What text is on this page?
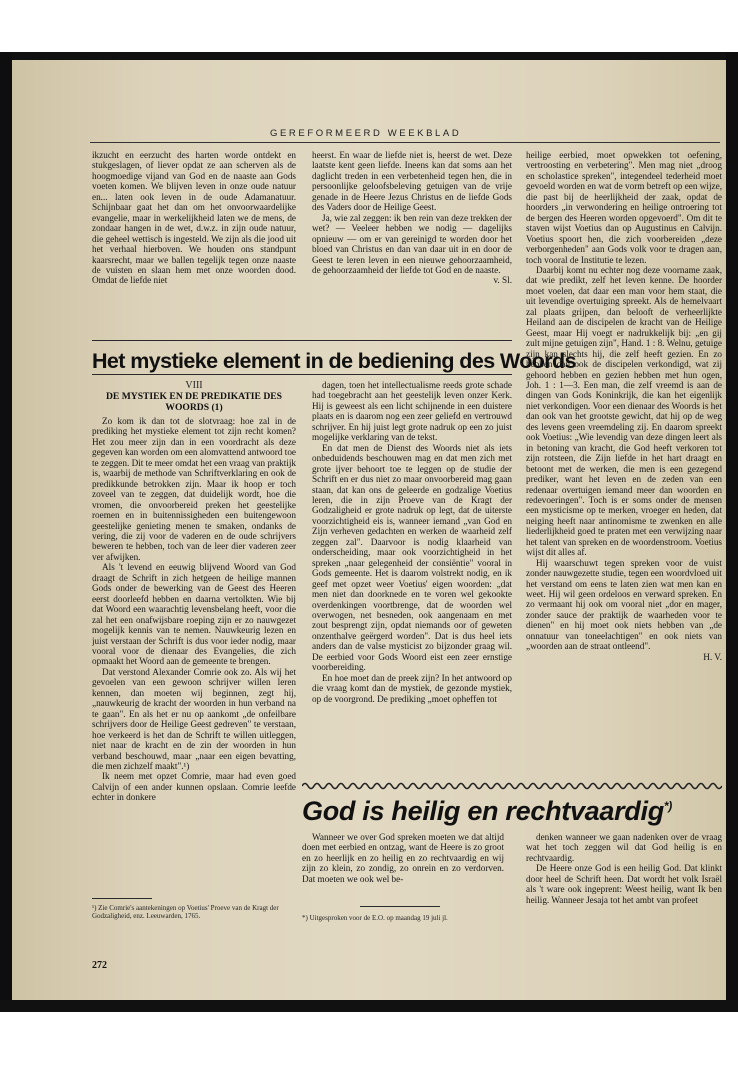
GEREFORMEERD WEEKBLAD

ikzucht en eerzucht des harten worde ontdekt en stukgeslagen, of liever opdat ze aan scherven als de hoogmoedige vijand van God en de naaste aan Gods voeten komen. We blijven leven in onze oude natuur en... laten ook leven in de oude Adamanatuur. Schijnbaar gaat het dan om het onvoorwaardelijke evangelie, maar in werkelijkheid laten we de mens, de zondaar hangen in de wet, d.w.z. in zijn oude natuur, die geheel wettisch is ingesteld. We zijn als die jood uit het verhaal hierboven. We houden ons standpunt kaarsrecht, maar we ballen tegelijk tegen onze naaste de vuisten en slaan hem met onze woorden dood. Omdat de liefde niet

heerst. En waar de liefde niet is, heerst de wet. Deze laatste kent geen liefde. Ineens kan dat soms aan het daglicht treden in een verbetenheid tegen hen, die in persoonlijke geloofsbeleving getuigen van de vrije genade in de Heere Jezus Christus en de liefde Gods des Vaders door de Heilige Geest.

Ja, wie zal zeggen: ik ben rein van deze trekken der wet? — Veeleer hebben we nodig — dagelijks opnieuw — om er van gereinigd te worden door het bloed van Christus en dan van daar uit in en door de Geest te leren leven in een nieuwe gehoorzaamheid, de gehoorzaamheid der liefde tot God en de naaste.

v. Sl.

heilige eerbied, moet opwekken tot oefening, vertroosting en verbetering". Men mag niet „droog en scholastice spreken", integendeel tederheid moet gevoeld worden en wat de vorm betreft op een wijze, die past bij de heerlijkheid der zaak, opdat de hoorders „in verwondering en heilige ontroering tot de bergen des Heeren worden opgevoerd". Om dit te staven wijst Voetius dan op Augustinus en Calvijn. Voetius spoort hen, die zich voorbereiden „deze verborgenheden" aan Gods volk voor te dragen aan, toch vooral de Institutie te lezen.

Daarbij komt nu echter nog deze voorname zaak, dat wie predikt, zelf het leven kenne. De hoorder moet voelen, dat daar een man voor hem staat, die uit levendige overtuiging spreekt. Als de hemelvaart zal plaats grijpen, dan belooft de verheerlijkte Heiland aan de discipelen de kracht van de Heilige Geest, maar Hij voegt er nadrukkelijk bij: „en gij zult mijne getuigen zijn", Hand. 1 : 8. Welnu, getuige zijn kan slechts hij, die zelf heeft gezien. En zo hebben dan ook de discipelen verkondigd, wat zij gehoord hebben en gezien hebben met hun ogen, Joh. 1 : 1—3. Een man, die zelf vreemd is aan de dingen van Gods Koninkrijk, die kan het eigenlijk niet verkondigen. Voor een dienaar des Woords is het dan ook van het grootste gewicht, dat hij op de weg des levens geen vreemdeling zij. En daarom spreekt ook Voetius: „Wie levendig van deze dingen leert als in betoning van kracht, die God heeft verkoren tot zijn rotsteen, die Zijn liefde in het hart draagt en betoont met de werken, die men is een gezegend prediker, want het leven en de zeden van een redenaar overtuigen iemand meer dan woorden en redevoeringen". Toch is er soms onder de mensen een mysticisme op te merken, vroeger en heden, dat neiging heeft naar antinomisme te zwenken en alle liederlijkheid goed te praten met een verwijzing naar het talent van spreken en de woordenstroom. Voetius wijst dit alles af.

Hij waarschuwt tegen spreken voor de vuist zonder nauwgezette studie, tegen een woordvloed uit het verstand om eens te laten zien wat men kan en weet. Hij wil geen ordeloos en verward spreken. En zo vermaant hij ook om vooral niet „dor en mager, zonder sauce der praktijk de waarheden voor te dienen" en hij moet ook niets hebben van „de onnatuur van toneelachtigen" en ook niets van „woorden aan de straat ontleend".

H. V.

Het mystieke element in de bediening des Woords
VIII
DE MYSTIEK EN DE PREDIKATIE DES WOORDS (1)

Zo kom ik dan tot de slotvraag: hoe zal in de prediking het mystieke element tot zijn recht komen? Het zou meer zijn dan in een voordracht als deze gegeven kan worden om een alomvattend antwoord toe te zeggen. Dit te meer omdat het een vraag van praktijk is, waarbij de methode van Schriftverklaring en ook de predikkunde betrokken zijn. Maar ik hoop er toch zoveel van te zeggen, dat duidelijk wordt, hoe die vromen, die onvoorbereid preken het geestelijke roemen en in buitennissigheden een buitengewoon geestelijke genieting menen te smaken, ondanks de vering, die zij voor de vaderen en de oude schrijvers beweren te hebben, toch van de leer dier vaderen zeer ver afwijken.

Als 't levend en eeuwig blijvend Woord van God draagt de Schrift in zich hetgeen de heilige mannen Gods onder de bewerking van de Geest des Heeren eerst doorleefd hebben en daarna vertolkten. Wie bij dat Woord een waarachtig levensbelang heeft, voor die zal het een onafwijsbare roeping zijn er zo nauwgezet mogelijk kennis van te nemen. Nauwkeurig lezen en juist verstaan der Schrift is dus voor ieder nodig, maar vooral voor de dienaar des Evangelies, die zich opmaakt het Woord aan de gemeente te brengen.

Dat verstond Alexander Comrie ook zo. Als wij het gevoelen van een gewoon schrijver willen leren kennen, dan moeten wij beginnen, zegt hij, „nauwkeurig de kracht der woorden in hun verband na te gaan". En als het er nu op aankomt „de onfeilbare schrijvers door de Heilige Geest gedreven" te verstaan, hoe verkeerd is het dan de Schrift te willen uitleggen, niet naar de kracht en de zin der woorden in hun verband beschouwd, maar „naar een eigen bevatting, die men zichzelf maakt".¹)

Ik neem met opzet Comrie, maar had even goed Calvijn of een ander kunnen opslaan. Comrie leefde echter in donkere

¹) Zie Comrie's aantekeningen op Voetius' Proeve van de Kragt der Godzaligheid, enz. Leeuwarden, 1765.
272

dagen, toen het intellectualisme reeds grote schade had toegebracht aan het geestelijk leven onzer Kerk. Hij is geweest als een licht schijnende in een duistere plaats en is daarom nog een zeer geliefd en vertrouwd schrijver. En hij juist legt grote nadruk op een zo juist mogelijke verklaring van de tekst.

En dat men de Dienst des Woords niet als iets onbeduidends beschouwen mag en dat men zich met grote ijver behoort toe te leggen op de studie der Schrift en er dus niet zo maar onvoorbereid mag gaan staan, dat kan ons de geleerde en godzalige Voetius leren, die in zijn Proeve van de Kragt der Godzaligheid er grote nadruk op legt, dat de uiterste voorzichtigheid eis is, wanneer iemand „van God en Zijn verheven gedachten en werken de waarheid zelf zeggen zal". Daarvoor is nodig klaarheid van onderscheiding, maar ook voorzichtigheid in het spreken „naar gelegenheid der consiëntie" vooral in Gods gemeente. Het is daarom volstrekt nodig, en ik geef met opzet weer Voetius' eigen woorden: „dat men niet dan doorknede en te voren wel gekookte overdenkingen voortbrenge, dat de woorden wel overwogen, net besneden, ook aangenaam en met zout besprengt zijn, opdat niemands oor of geweten onzenthalve geërgerd worden". Dat is dus heel iets anders dan de valse mysticist zo bijzonder graag wil. De eerbied voor Gods Woord eist een zeer ernstige voorbereiding.

En hoe moet dan de preek zijn? In het antwoord op die vraag komt dan de mystiek, de gezonde mystiek, op de voorgrond. De prediking „moet opheffen tot

God is heilig en rechtvaardig*)

Wanneer we over God spreken moeten we dat altijd doen met eerbied en ontzag, want de Heere is zo groot en zo heerlijk en zo heilig en zo rechtvaardig en wij zijn zo klein, zo zondig, zo onrein en zo verdorven. Dat moeten we ook wel be-

*) Uitgesproken voor de E.O. op maandag 19 juli jl.

denken wanneer we gaan nadenken over de vraag wat het toch zeggen wil dat God heilig is en rechtvaardig.

De Heere onze God is een heilig God. Dat klinkt door heel de Schrift heen. Dat wordt het volk Israël als 't ware ook ingeprent: Weest heilig, want Ik ben heilig. Wanneer Jesaja tot het ambt van profeet
